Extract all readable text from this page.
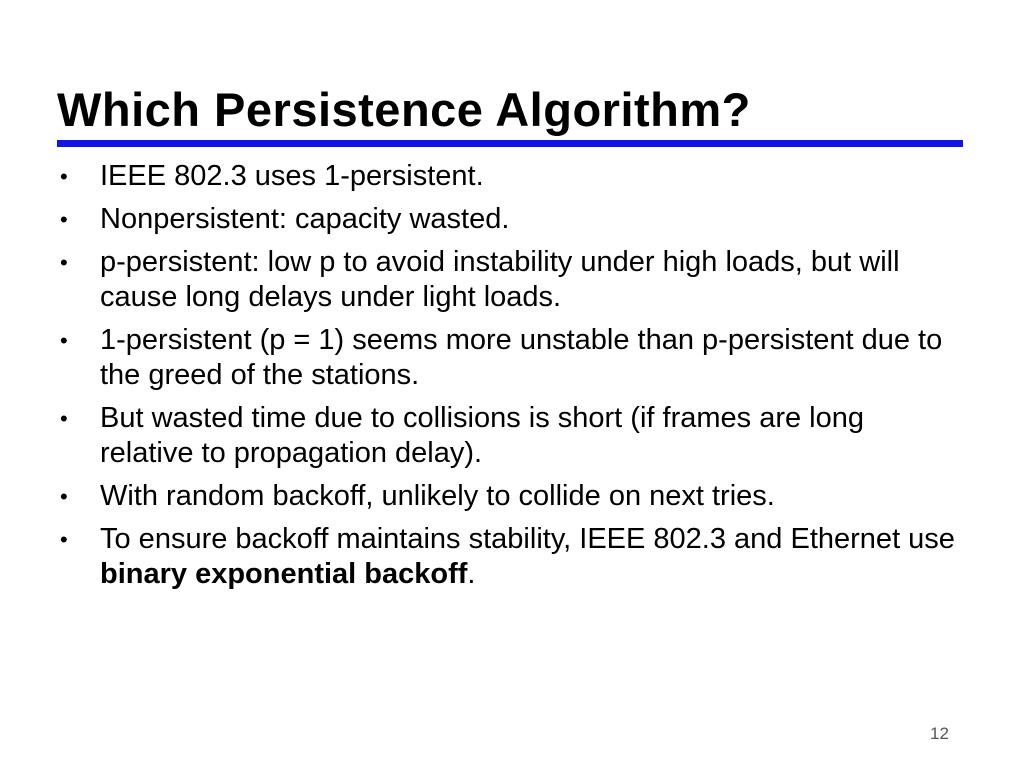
Which Persistence Algorithm?
•	IEEE 802.3 uses 1-persistent.
•	Nonpersistent: capacity wasted.
•	p-persistent: low p to avoid instability under high loads, but will cause long delays under light loads.
•	1-persistent (p = 1) seems more unstable than p-persistent due to the greed of the stations.
•	But wasted time due to collisions is short (if frames are long relative to propagation delay).
•	With random backoff, unlikely to collide on next tries.
•	To ensure backoff maintains stability, IEEE 802.3 and Ethernet use binary exponential backoff.
12
